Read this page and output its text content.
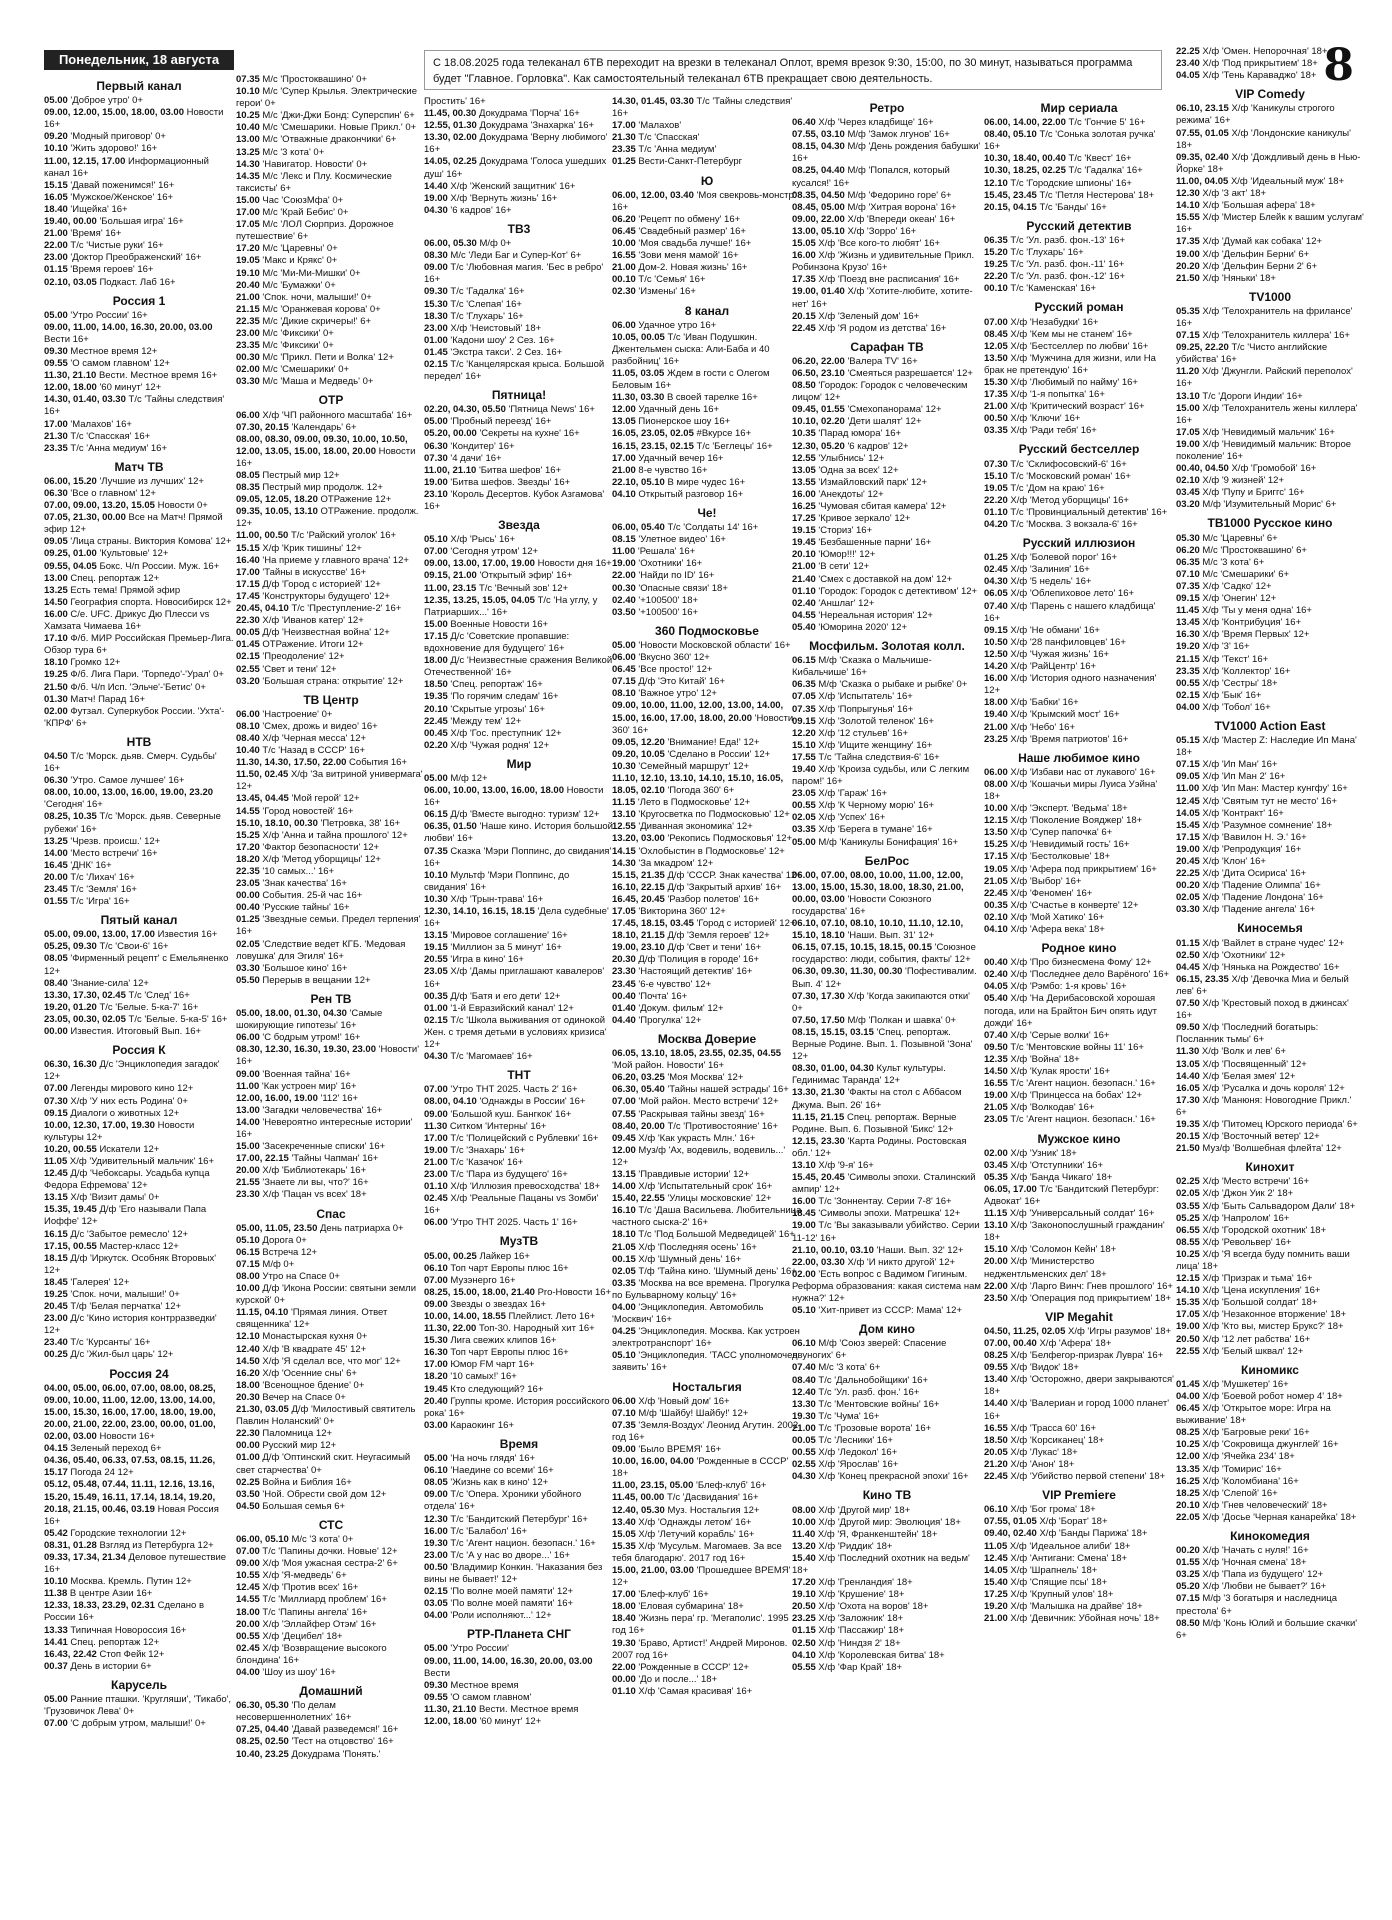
Понедельник, 18 августа	С 18.08.2025 года телеканал 6ТВ переходит на врезки в телеканал Оплот, время врезок 9:30, 15:00, по 30 минут, называться программа будет "Главное. Горловка". Как самостоятельный телеканал 6ТВ прекращает свою деятельность.	8
Первый канал
05.00 'Доброе утро' 0+
09.00, 12.00, 15.00, 18.00, 03.00 Новости 16+
09.20 'Модный приговор' 0+
10.10 'Жить здорово!' 16+
11.00, 12.15, 17.00 Информационный канал 16+
15.15 'Давай поженимся!' 16+
16.05 'Мужское/Женское' 16+
18.40 'Ищейка' 16+
19.40, 00.00 'Большая игра' 16+
21.00 'Время' 16+
22.00 Т/с 'Чистые руки' 16+
23.00 'Доктор Преображенский' 16+
01.15 'Время героев' 16+
02.10, 03.05 Подкаст. Лаб 16+
Россия 1
05.00 'Утро России' 16+
09.00, 11.00, 14.00, 16.30, 20.00, 03.00 Вести 16+
09.30 Местное время 12+
09.55 'О самом главном' 12+
11.30, 21.10 Вести. Местное время 16+
12.00, 18.00 '60 минут' 12+
14.30, 01.40, 03.30 Т/с 'Тайны следствия' 16+
17.00 'Малахов' 16+
21.30 Т/с 'Спасская' 16+
23.35 Т/с 'Анна медиум' 16+
Матч ТВ
06.00, 15.20 'Лучшие из лучших' 12+
06.30 'Все о главном' 12+
07.00, 09.00, 13.20, 15.05 Новости 0+
07.05, 21.30, 00.00 Все на Матч! Прямой эфир 12+
09.05 'Лица страны. Виктория Комова' 12+
09.25, 01.00 'Культовые' 12+
09.55, 04.05 Бокс. Ч/п России. Муж. 16+
13.00 Спец. репортаж 12+
13.25 Есть тема! Прямой эфир
14.50 География спорта. Новосибирск 12+
16.00 С/е. UFC. Дрикус Дю Плесси vs Хамзата Чимаева 16+
17.10 Ф/б. МИР Российская Премьер-Лига. Обзор тура 6+
18.10 Громко 12+
19.25 Ф/б. Лига Пари. 'Торпедо'-'Урал' 0+
21.50 Ф/б. Ч/п Исп. 'Эльче'-'Бетис' 0+
01.30 Матч! Парад 16+
02.00 Футзал. Суперкубок России. 'Ухта'-'КПРФ' 6+
НТВ
04.50 Т/с 'Морск. дьяв. Смерч. Судьбы' 16+
06.30 'Утро. Самое лучшее' 16+
08.00, 10.00, 13.00, 16.00, 19.00, 23.20 'Сегодня' 16+
08.25, 10.35 Т/с 'Морск. дьяв. Северные рубежи' 16+
13.25 'Чрезв. происш.' 12+
14.00 'Место встречи' 16+
16.45 'ДНК' 16+
20.00 Т/с 'Лихач' 16+
23.45 Т/с 'Земля' 16+
01.55 Т/с 'Игра' 16+
Пятый канал
05.00, 09.00, 13.00, 17.00 Известия 16+
05.25, 09.30 Т/с 'Свои-6' 16+
08.05 'Фирменный рецепт' с Емельяненко 12+
08.40 'Знание-сила' 12+
13.30, 17.30, 02.45 Т/с 'След' 16+
19.20, 01.20 Т/с 'Белые. 5-ка-7' 16+
23.05, 00.30, 02.05 Т/с 'Белые. 5-ка-5' 16+
00.00 Известия. Итоговый Вып. 16+
Россия К
06.30, 16.30 Д/с 'Энциклопедия загадок' 12+
07.00 Легенды мирового кино 12+
07.30 Х/ф 'У них есть Родина' 0+
09.15 Диалоги о животных 12+
10.00, 12.30, 17.00, 19.30 Новости культуры 12+
10.20, 00.55 Искатели 12+
11.05 Х/ф 'Удивительный мальчик' 16+
12.45 Д/ф 'Чебоксары. Усадьба купца Федора Ефремова' 12+
13.15 Х/ф 'Визит дамы' 0+
15.35, 19.45 Д/ф 'Его называли Папа Иоффе' 12+
16.15 Д/с 'Забытое ремесло' 12+
17.15, 00.55 Мастер-класс 12+
18.15 Д/ф 'Иркутск. Особняк Второвых' 12+
18.45 'Галерея' 12+
19.25 'Спок. ночи, малыши!' 0+
20.45 Т/ф 'Белая перчатка' 12+
23.00 Д/с 'Кино история контрразведки' 12+
23.40 Т/с 'Курсанты' 16+
00.25 Д/с 'Жил-был царь' 12+
Россия 24
04.00, 05.00, 06.00, 07.00, 08.00, 08.25, 09.00, 10.00, 11.00, 12.00, 13.00, 14.00, 15.00, 15.30, 16.00, 17.00, 18.00, 19.00, 20.00, 21.00, 22.00, 23.00, 00.00, 01.00, 02.00, 03.00 Новости 16+
04.15 Зеленый переход 6+
04.36, 05.40, 06.33, 07.53, 08.15, 11.26, 15.17 Погода 24 12+
05.12, 05.48, 07.44, 11.11, 12.16, 13.16, 15.20, 15.49, 16.11, 17.14, 18.14, 19.20, 20.18, 21.15, 00.46, 03.19 Новая Россия 16+
05.42 Городские технологии 12+
08.31, 01.28 Взгляд из Петербурга 12+
09.33, 17.34, 21.34 Деловое путешествие 16+
10.10 Москва. Кремль. Путин 12+
11.38 В центре Азии 16+
12.33, 18.33, 23.29, 02.31 Сделано в России 16+
13.33 Типичная Новороссия 16+
14.41 Спец. репортаж 12+
16.43, 22.42 Стоп Фейк 12+
00.37 День в истории 6+
Карусель
05.00 Ранние пташки. 'Кругляши', 'Тикабо', 'Грузовичок Лева' 0+
07.00 'С добрым утром, малыши!' 0+
07.35 М/с 'Простоквашино' 0+
10.10 М/с 'Супер Крылья. Электрические герои' 0+
10.25 М/с 'Джи-Джи Бонд: Суперспин' 6+
10.40 М/с 'Смешарики. Новые Прикл.' 0+
13.00 М/с 'Отважные дракончики' 6+
13.25 М/с '3 кота' 0+
14.30 'Навигатор. Новости' 0+
14.35 М/с 'Лекс и Плу. Космические таксисты' 6+
15.00 Час 'СоюзМфа' 0+
17.00 М/с 'Край Бебис' 0+
17.05 М/с 'ЛОЛ Сюрприз. Дорожное путешествие' 6+
17.20 М/с 'Царевны' 0+
19.05 'Макс и Крякс' 0+
19.10 М/с 'Ми-Ми-Мишки' 0+
20.40 М/с 'Бумажки' 0+
21.00 'Спок. ночи, малыши!' 0+
21.15 М/с 'Оранжевая корова' 0+
22.35 М/с 'Дикие скричеры!' 6+
23.00 М/с 'Фиксики' 0+
23.35 М/с 'Фиксики' 0+
00.30 М/с 'Прикл. Пети и Волка' 12+
02.00 М/с 'Смешарики' 0+
03.30 М/с 'Маша и Медведь' 0+
ОТР
06.00 Х/ф 'ЧП районного масштаба' 16+
07.30, 20.15 'Календарь' 6+
08.00, 08.30, 09.00, 09.30, 10.00, 10.50, 12.00, 13.05, 15.00, 18.00, 20.00 Новости 16+
08.05 Пестрый мир 12+
08.35 Пестрый мир продолж. 12+
09.05, 12.05, 18.20 ОТРажение 12+
09.35, 10.05, 13.10 ОТРажение. продолж. 12+
11.00, 00.50 Т/с 'Райский уголок' 16+
15.15 Х/ф 'Крик тишины' 12+
16.40 'На приеме у главного врача' 12+
17.00 'Тайны в искусстве' 16+
17.15 Д/ф 'Город с историей' 12+
17.45 'Конструкторы будущего' 12+
20.45, 04.10 Т/с 'Преступление-2' 16+
22.30 Х/ф 'Иванов катер' 12+
00.05 Д/ф 'Неизвестная война' 12+
01.45 ОТРажение. Итоги 12+
02.15 'Преодоление' 12+
02.55 'Свет и тени' 12+
03.20 'Большая страна: открытие' 12+
ТВ Центр
06.00 'Настроение' 0+
08.10 'Смех, дрожь и видео' 16+
08.40 Х/ф 'Черная месса' 12+
10.40 Т/с 'Назад в СССР' 16+
11.30, 14.30, 17.50, 22.00 События 16+
11.50, 02.45 Х/ф 'За витриной универмага' 12+
13.45, 04.45 'Мой герой' 12+
14.55 'Город новостей' 16+
15.10, 18.10, 00.30 'Петровка, 38' 16+
15.25 Х/ф 'Анна и тайна прошлого' 12+
17.20 'Фактор безопасности' 12+
18.20 Х/ф 'Метод уборщицы' 12+
22.35 '10 самых...' 16+
23.05 'Знак качества' 16+
00.00 События. 25-й час 16+
00.40 'Русские тайны' 16+
01.25 'Звездные семьи. Предел терпения' 16+
02.05 'Следствие ведет КГБ. 'Медовая ловушка' для Эгиля' 16+
03.30 'Большое кино' 16+
05.50 Перерыв в вещании 12+
Рен ТВ
05.00, 18.00, 01.30, 04.30 'Самые шокирующие гипотезы' 16+
06.00 'С бодрым утром!' 16+
08.30, 12.30, 16.30, 19.30, 23.00 'Новости' 16+
09.00 'Военная тайна' 16+
11.00 'Как устроен мир' 16+
12.00, 16.00, 19.00 '112' 16+
13.00 'Загадки человечества' 16+
14.00 'Невероятно интересные истории' 16+
15.00 'Засекреченные списки' 16+
17.00, 22.15 'Тайны Чапман' 16+
20.00 Х/ф 'Библиотекарь' 16+
21.55 'Знаете ли вы, что?' 16+
23.30 Х/ф 'Пацан vs всех' 18+
Спас
05.00, 11.05, 23.50 День патриарха 0+
05.10 Дорога 0+
06.15 Встреча 12+
07.15 М/ф 0+
08.00 Утро на Спасе 0+
10.00 Д/ф 'Икона России: святыни земли курской' 0+
11.15, 04.10 'Прямая линия. Ответ священника' 12+
12.10 Монастырская кухня 0+
12.40 Х/ф 'В квадрате 45' 12+
14.50 Х/ф 'Я сделал все, что мог' 12+
16.20 Х/ф 'Осенние сны' 6+
18.00 'Всенощное бдение' 0+
20.30 Вечер на Спасе 0+
21.30, 03.05 Д/ф 'Милостивый святитель Павлин Ноланский' 0+
22.30 Паломница 12+
00.00 Русский мир 12+
01.00 Д/ф 'Оптинский скит. Неугасимый свет старчества' 0+
02.25 Война и Библия 16+
03.50 'Ной. Обрести свой дом 12+
04.50 Большая семья 6+
СТС
06.00, 05.10 М/с '3 кота' 0+
07.00 Т/с 'Папины дочки. Новые' 12+
09.00 Х/ф 'Моя ужасная сестра-2' 6+
10.55 Х/ф 'Я-медведь' 6+
12.45 Х/ф 'Против всех' 16+
14.55 Т/с 'Миллиард проблем' 16+
18.00 Т/с 'Папины ангела' 16+
20.00 Х/ф 'Эллайфер Отэм' 16+
00.55 Х/ф 'Децибел' 18+
02.45 Х/ф 'Возвращение высокого блондина' 16+
04.00 'Шоу из шоу' 16+
Домашний
06.30, 05.30 'По делам несовершеннолетних' 16+
07.25, 04.40 'Давай разведемся!' 16+
08.25, 02.50 'Тест на отцовство' 16+
10.40, 23.25 Докудрама 'Понять.'
Простить' 16+
11.45, 00.30 Докудрама 'Порча' 16+
12.55, 01.30 Докудрама 'Знахарка' 16+
13.30, 02.00 Докудрама 'Верну любимого' 16+
14.05, 02.25 Докудрама 'Голоса ушедших душ' 16+
14.40 Х/ф 'Женский защитник' 16+
19.00 Х/ф 'Вернуть жизнь' 16+
04.30 '6 кадров' 16+
ТВ3
06.00, 05.30 М/ф 0+
08.30 М/с 'Леди Баг и Супер-Кот' 6+
09.00 Т/с 'Любовная магия. 'Бес в ребро' 16+
09.30 Т/с 'Гадалка' 16+
15.30 Т/с 'Слепая' 16+
18.30 Т/с 'Глухарь' 16+
23.00 Х/ф 'Неистовый' 18+
01.00 'Кадони шоу' 2 Сез. 16+
01.45 'Экстра такси'. 2 Сез. 16+
02.15 Т/с 'Канцелярская крыса. Большой передел' 16+
Пятница!
02.20, 04.30, 05.50 'Пятница News' 16+
05.00 'Пробный переезд' 16+
05.20, 00.00 'Секреты на кухне' 16+
06.30 'Кондитер' 16+
07.30 '4 дачи' 16+
11.00, 21.10 'Битва шефов' 16+
19.00 'Битва шефов. Звезды' 16+
23.10 'Король Десертов. Кубок Азгамова' 16+
Звезда
05.10 Х/ф 'Рысь' 16+
07.00 'Сегодня утром' 12+
09.00, 13.00, 17.00, 19.00 Новости дня 16+
09.15, 21.00 'Открытый эфир' 16+
11.00, 23.15 Т/с 'Вечный зов' 12+
12.35, 13.25, 15.05, 04.05 Т/с 'На углу, у Патриарших...' 16+
15.00 Военные Новости 16+
17.15 Д/с 'Советские пропавшие: вдохновение для будущего' 16+
18.00 Д/с 'Неизвестные сражения Великой Отечественной' 16+
18.50 'Спец. репортаж' 16+
19.35 'По горячим следам' 16+
20.10 'Скрытые угрозы' 16+
22.45 'Между тем' 12+
00.45 Х/ф 'Гос. преступник' 12+
02.20 Х/ф 'Чужая родня' 12+
Мир
05.00 М/ф 12+
06.00, 10.00, 13.00, 16.00, 18.00 Новости 16+
06.15 Д/ф 'Вместе выгодно: туризм' 12+
06.35, 01.50 'Наше кино. История большой любви' 16+
07.35 Сказка 'Мэри Поппинс, до свидания' 16+
10.10 Мультф 'Мэри Поппинс, до свидания' 16+
10.30 Х/ф 'Трын-трава' 16+
12.30, 14.10, 16.15, 18.15 'Дела судебные' 16+
13.15 'Мировое соглашение' 16+
19.15 'Миллион за 5 минут' 16+
20.55 'Игра в кино' 16+
23.05 Х/ф 'Дамы приглашают кавалеров' 16+
00.35 Д/ф 'Батя и его дети' 12+
01.00 '1-й Евразийский канал' 12+
02.15 Т/с 'Школа выживания от одинокой Жен. с тремя детьми в условиях кризиса' 12+
04.30 Т/с 'Магомаев' 16+
ТНТ
07.00 'Утро ТНТ 2025. Часть 2' 16+
08.00, 04.10 'Однажды в России' 16+
09.00 'Большой куш. Бангкок' 16+
11.30 Ситком 'Интерны' 16+
17.00 Т/с 'Полицейский с Рублевки' 16+
19.00 Т/с 'Знахарь' 16+
21.00 Т/с 'Казачок' 16+
23.00 Т/с 'Пара из будущего' 16+
01.10 Х/ф 'Иллюзия превосходства' 18+
02.45 Х/ф 'Реальные Пацаны vs Зомби' 16+
06.00 'Утро ТНТ 2025. Часть 1' 16+
МузТВ
05.00, 00.25 Лайкер 16+
06.10 Топ чарт Европы плюс 16+
07.00 Музэнерго 16+
08.25, 15.00, 18.00, 21.40 Pro-Новости 16+
09.00 Звезды о звездах 16+
10.00, 14.00, 18.55 Плейлист. Лето 16+
11.30, 22.00 Топ-30. Народный хит 16+
15.30 Лига свежих клипов 16+
16.30 Топ чарт Европы плюс 16+
17.00 Юмор FM чарт 16+
18.20 '10 самых!' 16+
19.45 Кто следующий? 16+
20.40 Группы кроме. История российского рока' 16+
03.00 Караокинг 16+
Время
05.00 'На ночь глядя' 16+
06.10 'Наедине со всеми' 16+
08.05 'Жизнь как в кино' 12+
09.00 Т/с 'Опера. Хроники убойного отдела' 16+
12.30 Т/с 'Бандитский Петербург' 16+
16.00 Т/с 'Балабол' 16+
19.30 Т/с 'Агент национ. безопасн.' 16+
23.00 Т/с 'А у нас во дворе...' 16+
00.50 'Владимир Конкин. 'Наказания без вины не бывает!' 12+
02.15 'По волне моей памяти' 12+
03.05 'По волне моей памяти' 16+
04.00 'Роли исполняют...' 12+
РТР-Планета СНГ
05.00 'Утро России'
09.00, 11.00, 14.00, 16.30, 20.00, 03.00 Вести
09.30 Местное время
09.55 'О самом главном'
11.30, 21.10 Вести. Местное время
12.00, 18.00 '60 минут' 12+
14.30, 01.45, 03.30 Т/с 'Тайны следствия' 16+
17.00 'Малахов'
21.30 Т/с 'Спасская'
23.35 Т/с 'Анна медиум'
01.25 Вести-Санкт-Петербург
Ю
06.00, 12.00, 03.40 'Моя свекровь-монстр' 16+
06.20 'Рецепт по обмену' 16+
06.45 'Свадебный размер' 16+
10.00 'Моя свадьба лучше!' 16+
16.55 'Зови меня мамой' 16+
21.00 Дом-2. Новая жизнь' 16+
00.10 Т/с 'Семья' 16+
02.30 'Измены' 16+
8 канал
06.00 Удачное утро 16+
10.05, 00.05 Т/с 'Иван Подушкин. Джентельмен сыска: Али-Баба и 40 разбойниц' 16+
11.05, 03.05 Ждем в гости с Олегом Беловым 16+
11.30, 03.30 В своей тарелке 16+
12.00 Удачный день 16+
13.05 Пионерское шоу 16+
16.05, 23.05, 02.05 #Вкурсе 16+
16.15, 23.15, 02.15 Т/с 'Беглецы' 16+
17.00 Удачный вечер 16+
21.00 8-е чувство 16+
22.10, 05.10 В мире чудес 16+
04.10 Открытый разговор 16+
Че!
06.00, 05.40 Т/с 'Солдаты 14' 16+
08.15 'Улетное видео' 16+
11.00 'Решала' 16+
19.00 'Охотники' 16+
22.00 'Найди по ID' 16+
00.30 'Опасные связи' 18+
02.40 '+100500' 18+
03.50 '+100500' 16+
360 Подмосковье
05.00 'Новости Московской области' 16+
06.00 'Вкусно 360' 12+
06.45 'Все просто!' 12+
07.15 Д/ф 'Это Китай' 16+
08.10 'Важное утро' 12+
09.00, 10.00, 11.00, 12.00, 13.00, 14.00, 15.00, 16.00, 17.00, 18.00, 20.00 'Новости 360' 16+
09.05, 12.20 'Внимание! Еда!' 12+
09.20, 10.05 'Сделано в России' 12+
10.30 'Семейный маршрут' 12+
11.10, 12.10, 13.10, 14.10, 15.10, 16.05, 18.05, 02.10 'Погода 360' 6+
11.15 'Лето в Подмосковье' 12+
13.10 'Кругосветка по Подмосковью' 12+
12.55 'Диванная экономика' 12+
13.20, 03.00 'Рекопись Подмосковья' 12+
14.15 'Охлобыстин в Подмосковье' 12+
14.30 'За мкадром' 12+
15.15, 21.35 Д/ф 'СССР. Знак качества' 12+
16.10, 22.15 Д/ф 'Закрытый архив' 16+
16.45, 20.45 'Разбор полетов' 16+
17.05 'Викторина 360' 12+
17.45, 18.15, 03.45 'Город с историей' 12+
18.10, 21.15 Д/ф 'Земля героев' 12+
19.00, 23.10 Д/ф 'Свет и тени' 16+
20.30 Д/ф 'Полиция в городе' 16+
23.30 'Настоящий детектив' 16+
23.45 '6-е чувство' 12+
00.40 'Почта' 16+
01.40 'Докум. фильм' 12+
04.40 'Прогулка' 12+
Москва Доверие
06.05, 13.10, 18.05, 23.55, 02.35, 04.55 'Мой район. Новости' 16+
06.20, 03.25 'Моя Москва' 12+
06.30, 05.40 'Тайны нашей эстрады' 16+
07.00 'Мой район. Место встречи' 12+
07.55 'Раскрывая тайны звезд' 16+
08.40, 20.00 Т/с 'Противостояние' 16+
09.45 Х/ф 'Как украсть Млн.' 16+
12.00 Муз/ф 'Ах, водевиль, водевиль...' 12+
13.15 'Правдивые истории' 12+
14.00 Х/ф 'Испытательный срок' 16+
15.40, 22.55 'Улицы московские' 12+
16.10 Т/с 'Даша Васильева. Любительница частного сыска-2' 16+
18.10 Т/с 'Под Большой Медведицей' 16+
21.05 Х/ф 'Последняя осень' 16+
00.15 Х/ф 'Шумный день' 16+
02.05 Т/ф 'Тайна кино. 'Шумный день' 16+
03.35 'Москва на все времена. Прогулка по Бульварному кольцу' 16+
04.00 'Энциклопедия. Автомобиль 'Москвич' 16+
04.25 'Энциклопедия. Москва. Как устроен электротранспорт' 16+
05.10 'Энциклопедия. 'ТАСС уполномочен заявить' 16+
Ностальгия
06.00 Х/ф 'Новый дом' 16+
07.10 М/ф 'Шайбу! Шайбу!' 12+
07.35 'Земля-Воздух' Леонид Агутин. 2002 год 16+
09.00 'Было ВРЕМЯ' 16+
10.00, 16.00, 04.00 'Рожденные в СССР' 18+
11.00, 23.15, 05.00 'Блеф-клуб' 16+
11.45, 00.00 Т/с 'Дасвидания' 16+
12.40, 05.30 Муз. Ностальгия 12+
13.40 Х/ф 'Однажды летом' 16+
15.05 Х/ф 'Летучий корабль' 16+
15.35 Х/ф 'Мусульм. Магомаев. За все тебя благодарю'. 2017 год 16+
15.00, 21.00, 03.00 'Прошедшее ВРЕМЯ' 12+
17.00 'Блеф-клуб' 16+
18.00 'Еловая субмарина' 18+
18.40 'Жизнь пера' гр. 'Мегаполис'. 1995 год 16+
19.30 'Браво, Артист!' Андрей Миронов. 2007 год 16+
22.00 'Рожденные в СССР' 12+
00.00 'До и после...' 18+
01.10 Х/ф 'Самая красивая' 16+
Ретро
06.40 Х/ф 'Через кладбище' 16+
07.55, 03.10 М/ф 'Замок лгунов' 16+
08.15, 04.30 М/ф 'День рождения бабушки' 16+
08.25, 04.40 М/ф 'Попался, который кусался!' 16+
08.35, 04.50 М/ф 'Федорино горе' 6+
08.45, 05.00 М/ф 'Хитрая ворона' 16+
09.00, 22.00 Х/ф 'Впереди океан' 16+
13.00, 05.10 Х/ф 'Зорро' 16+
15.05 Х/ф 'Все кого-то любят' 16+
16.00 Х/ф 'Жизнь и удивительные Прикл. Робинзона Крузо' 16+
17.35 Х/ф 'Поезд вне расписания' 16+
19.00, 01.40 Х/ф 'Хотите-любите, хотите-нет' 16+
20.15 Х/ф 'Зеленый дом' 16+
22.45 Х/ф 'Я родом из детства' 16+
Сарафан ТВ
06.20, 22.00 'Валера TV' 16+
06.50, 23.10 'Смеяться разрешается' 12+
08.50 'Городок: Городок с человеческим лицом' 12+
09.45, 01.55 'Смехопанорама' 12+
10.10, 02.20 'Дети шалят' 12+
10.35 'Парад юмора' 16+
12.30, 05.20 '6 кадров' 12+
12.55 'Улыбнись' 12+
13.05 'Одна за всех' 12+
13.55 'Измайловский парк' 12+
16.00 'Анекдоты' 12+
16.25 'Чумовая сбитая камера' 12+
17.25 'Кривое зеркало' 12+
19.15 'Сториз' 16+
19.45 'Безбашенные парни' 16+
20.10 'Юмор!!!' 12+
21.00 'В сети' 12+
21.40 'Смех с доставкой на дом' 12+
01.10 'Городок: Городок с детективом' 12+
02.40 'Аншлаг' 12+
04.55 'Нереальная история' 12+
05.40 'Юморина 2020' 12+
Мосфильм. Золотая колл.
06.15 М/ф 'Сказка о Мальчише-Кибальчише' 16+
06.35 М/ф 'Сказка о рыбаке и рыбке' 0+
07.05 Х/ф 'Испытатель' 16+
07.35 Х/ф 'Попрыгунья' 16+
09.15 Х/ф 'Золотой теленок' 16+
12.20 Х/ф '12 стульев' 16+
15.10 Х/ф 'Ищите женщину' 16+
17.55 Т/с 'Тайна следствия-6' 16+
19.40 Х/ф 'Кроиза судьбы, или С легким паром!' 16+
23.05 Х/ф 'Гараж' 16+
00.55 Х/ф 'К Черному морю' 16+
02.05 Х/ф 'Успех' 16+
03.35 Х/ф 'Берега в тумане' 16+
05.00 М/ф 'Каникулы Бонифация' 16+
БелРос
06.00, 07.00, 08.00, 10.00, 11.00, 12.00, 13.00, 15.00, 15.30, 18.00, 18.30, 21.00, 00.00, 03.00 'Новости Союзного государства' 16+
06.10, 07.10, 08.10, 10.10, 11.10, 12.10, 15.10, 18.10 'Наши. Вып. 31' 12+
06.15, 07.15, 10.15, 18.15, 00.15 'Союзное государство: люди, события, факты' 12+
06.30, 09.30, 11.30, 00.30 'Пофестивалим. Вып. 4' 12+
07.30, 17.30 Х/ф 'Когда закипаются отки' 0+
07.50, 17.50 М/ф 'Полкан и шавка' 0+
08.15, 15.15, 03.15 'Спец. репортаж. Верные Родине. Вып. 1. Позывной 'Зона' 12+
08.30, 01.00, 04.30 Культ культуры. Гединимас Таранда' 12+
13.30, 21.30 'Факты на стол с Аббасом Джума. Вып. 26' 16+
11.15, 21.15 Спец. репортаж. Верные Родине. Вып. 6. Позывной 'Бикс' 12+
12.15, 23.30 'Карта Родины. Ростовская обл.' 12+
13.10 Х/ф '9-я' 16+
15.45, 20.45 'Символы эпохи. Сталинский ампир' 12+
16.00 Т/с 'Зоннентау. Серии 7-8' 16+
18.45 'Символы эпохи. Матрешка' 12+
19.00 Т/с 'Вы заказывали убийство. Серии 11-12' 16+
21.10, 00.10, 03.10 'Наши. Вып. 32' 12+
22.00, 03.30 Х/ф 'И никто другой' 12+
02.00 'Есть вопрос с Вадимом Гигиным. Реформа образования: какая система нам нужна?' 12+
05.10 'Хит-привет из СССР: Мама' 12+
Дом кино
06.10 М/ф 'Союз зверей: Спасение двуногих' 6+
07.40 М/с '3 кота' 6+
08.40 Т/с 'Дальнобойщики' 16+
12.40 Т/с 'Ул. разб. фон.' 16+
13.30 Т/с 'Ментовские войны' 16+
19.30 Т/с 'Чума' 16+
21.00 Т/с 'Грозовые ворота' 16+
00.05 Т/с 'Лесники' 16+
00.55 Х/ф 'Ледокол' 16+
02.55 Х/ф 'Ярослав' 16+
04.30 Х/ф 'Конец прекрасной эпохи' 16+
Кино ТВ
08.00 Х/ф 'Другой мир' 18+
10.00 Х/ф 'Другой мир: Эволюция' 18+
11.40 Х/ф 'Я, Франкенштейн' 18+
13.20 Х/ф 'Риддик' 18+
15.40 Х/ф 'Последний охотник на ведьм' 18+
17.20 Х/ф 'Гренландия' 18+
19.10 Х/ф 'Крушение' 18+
20.50 Х/ф 'Охота на воров' 18+
23.25 Х/ф 'Заложник' 18+
01.15 Х/ф 'Пассажир' 18+
02.50 Х/ф 'Ниндзя 2' 18+
04.10 Х/ф 'Королевская битва' 18+
05.55 Х/ф 'Фар Край' 18+
Мир сериала
06.00, 14.00, 22.00 Т/с 'Гончие 5' 16+
08.40, 05.10 Т/с 'Сонька золотая ручка' 16+
10.30, 18.40, 00.40 Т/с 'Квест' 16+
10.30, 18.25, 02.25 Т/с 'Гадалка' 16+
12.10 Т/с 'Городские шпионы' 16+
15.45, 23.45 Т/с 'Петля Нестерова' 18+
20.15, 04.15 Т/с 'Банды' 16+
Русский детектив
06.35 Т/с 'Ул. разб. фон.-13' 16+
15.20 Т/с 'Глухарь' 16+
19.25 Т/с 'Ул. разб. фон.-11' 16+
22.20 Т/с 'Ул. разб. фон.-12' 16+
00.10 Т/с 'Каменская' 16+
Русский роман
07.00 Х/ф 'Незабудки' 16+
08.45 Х/ф 'Кем мы не станем' 16+
12.05 Х/ф 'Бестселлер по любви' 16+
13.50 Х/ф 'Мужчина для жизни, или На брак не претендую' 16+
15.30 Х/ф 'Любимый по найму' 16+
17.35 Х/ф '1-я попытка' 16+
21.00 Х/ф 'Критический возраст' 16+
00.50 Х/ф 'Ключи' 16+
03.35 Х/ф 'Ради тебя' 16+
Русский бестселлер
07.30 Т/с 'Склифосовский-6' 16+
15.10 Т/с 'Московский роман' 16+
19.05 Т/с 'Дом на краю' 16+
22.20 Х/ф 'Метод уборщицы' 16+
01.10 Т/с 'Провинциальный детектив' 16+
04.20 Т/с 'Москва. 3 вокзала-6' 16+
Русский иллюзион
01.25 Х/ф 'Болевой порог' 16+
02.45 Х/ф 'Залиния' 16+
04.30 Х/ф '5 недель' 16+
06.05 Х/ф 'Облепиховое лето' 16+
07.40 Х/ф 'Парень с нашего кладбища' 16+
09.15 Х/ф 'Не обмани' 16+
10.50 Х/ф '28 панфиловцев' 16+
12.50 Х/ф 'Чужая жизнь' 16+
14.20 Х/ф 'РайЦентр' 16+
16.00 Х/ф 'История одного назначения' 12+
18.00 Х/ф 'Бабки' 16+
19.40 Х/ф 'Крымский мост' 16+
21.00 Х/ф 'Небо' 16+
23.25 Х/ф 'Время патриотов' 16+
Наше любимое кино
06.00 Х/ф 'Избави нас от лукавого' 16+
08.00 Х/ф 'Кошачьи миры Луиса Уэйна' 18+
10.00 Х/ф 'Эксперт. 'Ведьма' 18+
12.15 Х/ф 'Поколение Вояджер' 18+
13.50 Х/ф 'Супер папочка' 6+
15.25 Х/ф 'Невидимый гость' 16+
17.15 Х/ф 'Бестолковые' 18+
19.05 Х/ф 'Афера под прикрытием' 16+
21.05 Х/ф 'Выбор' 16+
22.45 Х/ф 'Феномен' 16+
00.35 Х/ф 'Счастье в конверте' 12+
02.10 Х/ф 'Мой Хатико' 16+
04.10 Х/ф 'Афера века' 18+
Родное кино
00.40 Х/ф 'Про бизнесмена Фому' 12+
02.40 Х/ф 'Последнее дело Варёного' 16+
04.05 Х/ф 'Рэмбо: 1-я кровь' 16+
05.40 Х/ф 'На Дерибасовской хорошая погода, или на Брайтон Бич опять идут дожди' 16+
07.40 Х/ф 'Серые волки' 16+
09.50 Т/с 'Ментовские войны 11' 16+
12.35 Х/ф 'Война' 18+
14.50 Х/ф 'Кулак ярости' 16+
16.55 Т/с 'Агент национ. безопасн.' 16+
19.00 Х/ф 'Принцесса на бобах' 12+
21.05 Х/ф 'Волкодав' 16+
23.05 Т/с 'Агент национ. безопасн.' 16+
Мужское кино
02.00 Х/ф 'Узник' 18+
03.45 Х/ф 'Отступники' 16+
05.35 Х/ф 'Банда Чикаго' 18+
06.05, 17.00 Т/с 'Бандитский Петербург: Адвокат' 16+
11.15 Х/ф 'Универсальный солдат' 16+
13.10 Х/ф 'Законопослушный гражданин' 18+
15.10 Х/ф 'Соломон Кейн' 18+
20.00 Х/ф 'Министерство неджентльменских дел' 18+
22.00 Х/ф 'Ларго Винч: Гнев прошлого' 16+
23.50 Х/ф 'Операция под прикрытием' 18+
VIP Megahit
04.50, 11.25, 02.05 Х/ф 'Игры разумов' 18+
07.00, 00.40 Х/ф 'Афера' 18+
08.25 Х/ф 'Белфегор-призрак Лувра' 16+
09.55 Х/ф 'Видок' 18+
13.40 Х/ф 'Осторожно, двери закрываются' 18+
14.40 Х/ф 'Валериан и город 1000 планет' 16+
16.55 Х/ф 'Трасса 60' 16+
18.50 Х/ф 'Корсиканец' 18+
20.05 Х/ф 'Лукас' 18+
21.20 Х/ф 'Анон' 18+
22.45 Х/ф 'Убийство первой степени' 18+
VIP Premiere
06.10 Х/ф 'Бог грома' 18+
07.55, 01.05 Х/ф 'Борат' 18+
09.40, 02.40 Х/ф 'Банды Парижа' 18+
11.05 Х/ф 'Идеальное алиби' 18+
12.45 Х/ф 'Антигани: Смена' 18+
14.05 Х/ф 'Шрапнель' 18+
15.40 Х/ф 'Спящие псы' 18+
17.25 Х/ф 'Крупный улов' 18+
19.20 Х/ф 'Малышка на драйве' 18+
21.00 Х/ф 'Девичник: Убойная ночь' 18+
22.25 Х/ф 'Омен. Непорочная' 18+
23.40 Х/ф 'Под прикрытием' 18+
04.05 Х/ф 'Тень Караваджо' 18+
VIP Comedy
06.10, 23.15 Х/ф 'Каникулы строгого режима' 16+
07.55, 01.05 Х/ф 'Лондонские каникулы' 18+
09.35, 02.40 Х/ф 'Дождливый день в Нью-Йорке' 18+
11.00, 04.05 Х/ф 'Идеальный муж' 18+
12.30 Х/ф '3 акт' 18+
14.10 Х/ф 'Большая афера' 18+
15.55 Х/ф 'Мистер Блейк к вашим услугам' 16+
17.35 Х/ф 'Думай как собака' 12+
19.00 Х/ф 'Дельфин Берни' 6+
20.20 Х/ф 'Дельфин Берни 2' 6+
21.50 Х/ф 'Няньки' 18+
TV1000
05.35 Х/ф 'Телохранитель на фрилансе' 16+
07.15 Х/ф 'Телохранитель киллера' 16+
09.25, 22.20 Т/с 'Чисто английские убийства' 16+
11.20 Х/ф 'Джунгли. Райский переполох' 16+
13.10 Т/с 'Дороги Индии' 16+
15.00 Х/ф 'Телохранитель жены киллера' 16+
17.05 Х/ф 'Невидимый мальчик' 16+
19.00 Х/ф 'Невидимый мальчик: Второе поколение' 16+
00.40, 04.50 Х/ф 'Громобой' 16+
02.10 Х/ф '9 жизней' 12+
03.45 Х/ф 'Пупу и Бриггс' 16+
03.20 М/ф 'Изумительный Морис' 6+
TB1000 Русское кино
05.30 М/с 'Царевны' 6+
06.20 М/с 'Простоквашино' 6+
06.35 М/с '3 кота' 6+
07.10 М/с 'Смешарики' 6+
07.35 Х/ф 'Садко' 12+
09.15 Х/ф 'Онегин' 12+
11.45 Х/ф 'Ты у меня одна' 16+
13.45 Х/ф 'Контрибуция' 16+
16.30 Х/ф 'Время Первых' 12+
19.20 Х/ф '3' 16+
21.15 Х/ф 'Текст' 16+
23.35 Х/ф 'Коллектор' 16+
00.55 Х/ф 'Сестры' 18+
02.15 Х/ф 'Бык' 16+
04.00 Х/ф 'Тобол' 16+
TV1000 Action East
05.15 Х/ф 'Мастер Z: Наследие Ип Мана' 18+
07.15 Х/ф 'Ип Ман' 16+
09.05 Х/ф 'Ип Ман 2' 16+
11.00 Х/ф 'Ип Ман: Мастер кунгфу' 16+
12.45 Х/ф 'Святым тут не место' 16+
14.05 Х/ф 'Контракт' 16+
15.45 Х/ф 'Разумное сомнение' 18+
17.15 Х/ф 'Вавилон Н. Э.' 16+
19.00 Х/ф 'Репродукция' 16+
20.45 Х/ф 'Клон' 16+
22.25 Х/ф 'Дита Осириса' 16+
00.20 Х/ф 'Падение Олимпа' 16+
02.05 Х/ф 'Падение Лондона' 16+
03.30 Х/ф 'Падение ангела' 16+
Киносемья
01.15 Х/ф 'Вайлет в стране чудес' 12+
02.50 Х/ф 'Охотники' 12+
04.45 Х/ф 'Нянька на Рождество' 16+
06.15, 23.35 Х/ф 'Девочка Миа и белый лев' 6+
07.50 Х/ф 'Крестовый поход в джинсах' 16+
09.50 Х/ф 'Последний богатырь: Посланник тьмы' 6+
11.30 Х/ф 'Волк и лев' 6+
13.05 Х/ф 'Посвященный' 12+
14.40 Х/ф 'Белая змея' 12+
16.05 Х/ф 'Русалка и дочь короля' 12+
17.30 Х/ф 'Манюня: Новогодние Прикл.' 6+
19.35 Х/ф 'Питомец Юрского периода' 6+
20.15 Х/ф 'Восточный ветер' 12+
21.50 Муз/ф 'Волшебная флейта' 12+
Кинохит
02.25 Х/ф 'Место встречи' 16+
02.05 Х/ф 'Джон Уик 2' 18+
03.55 Х/ф 'Быть Сальвадором Дали' 18+
05.25 Х/ф 'Напролом' 16+
06.55 Х/ф 'Городской охотник' 18+
08.55 Х/ф 'Револьвер' 16+
10.25 Х/ф 'Я всегда буду помнить ваши лица' 18+
12.15 Х/ф 'Призрак и тьма' 16+
14.10 Х/ф 'Цена искупления' 16+
15.35 Х/ф 'Большой солдат' 18+
17.05 Х/ф 'Незаконное вторжение' 18+
19.00 Х/ф 'Кто вы, мистер Брукс?' 18+
20.50 Х/ф '12 лет рабства' 16+
22.55 Х/ф 'Белый шквал' 12+
Киномикс
01.45 Х/ф 'Мушкетер' 16+
04.00 Х/ф 'Боевой робот номер 4' 18+
06.45 Х/ф 'Открытое море: Игра на выживание' 18+
08.25 Х/ф 'Багровые реки' 16+
10.25 Х/ф 'Сокровища джунглей' 16+
12.00 Х/ф 'Ячейка 234' 18+
13.35 Х/ф 'Томирис' 16+
16.25 Х/ф 'Коломбиана' 16+
18.25 Х/ф 'Слепой' 16+
20.10 Х/ф 'Гнев человеческий' 18+
22.05 Х/ф 'Досье 'Черная канарейка' 18+
Кинокомедия
00.20 Х/ф 'Начать с нуля!' 16+
01.55 Х/ф 'Ночная смена' 18+
03.25 Х/ф 'Папа из будущего' 12+
05.20 Х/ф 'Любви не бывает?' 16+
07.15 М/ф '3 богатыря и наследница престола' 6+
08.50 М/ф 'Конь Юлий и большие скачки' 6+
